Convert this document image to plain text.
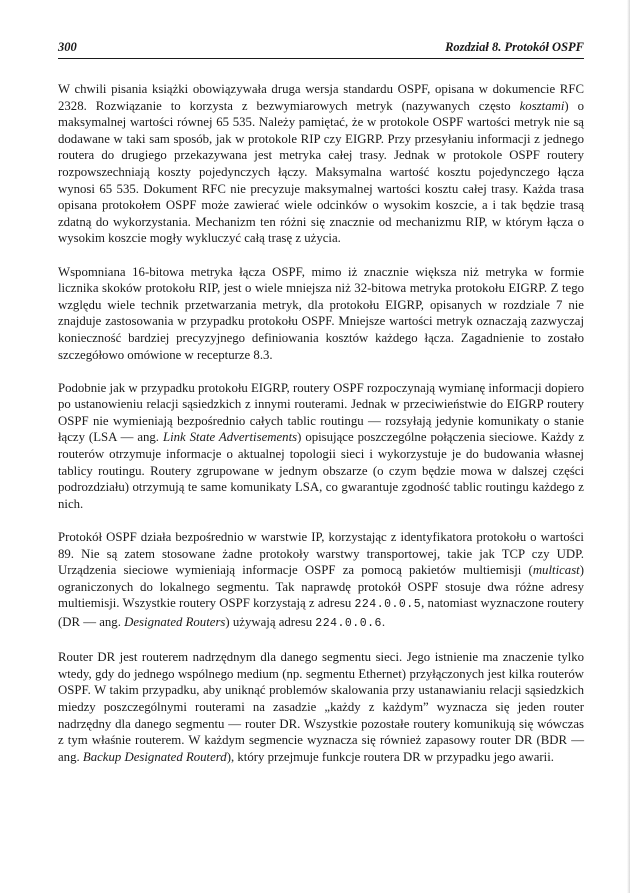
300	Rozdział 8. Protokół OSPF

W chwili pisania książki obowiązywała druga wersja standardu OSPF, opisana w dokumencie RFC 2328. Rozwiązanie to korzysta z bezwymiarowych metryk (nazywanych często kosztami) o maksymalnej wartości równej 65 535. Należy pamiętać, że w protokole OSPF wartości metryk nie są dodawane w taki sam sposób, jak w protokole RIP czy EIGRP. Przy przesyłaniu informacji z jednego routera do drugiego przekazywana jest metryka całej trasy. Jednak w protokole OSPF routery rozpowszechniają koszty pojedynczych łączy. Maksymalna wartość kosztu pojedynczego łącza wynosi 65 535. Dokument RFC nie precyzuje maksymalnej wartości kosztu całej trasy. Każda trasa opisana protokołem OSPF może zawierać wiele odcinków o wysokim koszcie, a i tak będzie trasą zdatną do wykorzystania. Mechanizm ten różni się znacznie od mechanizmu RIP, w którym łącza o wysokim koszcie mogły wykluczyć całą trasę z użycia.

Wspomniana 16-bitowa metryka łącza OSPF, mimo iż znacznie większa niż metryka w formie licznika skoków protokołu RIP, jest o wiele mniejsza niż 32-bitowa metryka protokołu EIGRP. Z tego względu wiele technik przetwarzania metryk, dla protokołu EIGRP, opisanych w rozdziale 7 nie znajduje zastosowania w przypadku protokołu OSPF. Mniejsze wartości metryk oznaczają zazwyczaj konieczność bardziej precyzyjnego definiowania kosztów każdego łącza. Zagadnienie to zostało szczegółowo omówione w recepturze 8.3.

Podobnie jak w przypadku protokołu EIGRP, routery OSPF rozpoczynają wymianę informacji dopiero po ustanowieniu relacji sąsiedzkich z innymi routerami. Jednak w przeciwieństwie do EIGRP routery OSPF nie wymieniają bezpośrednio całych tablic routingu — rozsyłają jedynie komunikaty o stanie łączy (LSA — ang. Link State Advertisements) opisujące poszczególne połączenia sieciowe. Każdy z routerów otrzymuje informacje o aktualnej topologii sieci i wykorzystuje je do budowania własnej tablicy routingu. Routery zgrupowane w jednym obszarze (o czym będzie mowa w dalszej części podrozdziału) otrzymują te same komunikaty LSA, co gwarantuje zgodność tablic routingu każdego z nich.

Protokół OSPF działa bezpośrednio w warstwie IP, korzystając z identyfikatora protokołu o wartości 89. Nie są zatem stosowane żadne protokoły warstwy transportowej, takie jak TCP czy UDP. Urządzenia sieciowe wymieniają informacje OSPF za pomocą pakietów multiemisji (multicast) ograniczonych do lokalnego segmentu. Tak naprawdę protokół OSPF stosuje dwa różne adresy multiemisji. Wszystkie routery OSPF korzystają z adresu 224.0.0.5, natomiast wyznaczone routery (DR — ang. Designated Routers) używają adresu 224.0.0.6.

Router DR jest routerem nadrzędnym dla danego segmentu sieci. Jego istnienie ma znaczenie tylko wtedy, gdy do jednego wspólnego medium (np. segmentu Ethernet) przyłączonych jest kilka routerów OSPF. W takim przypadku, aby uniknąć problemów skalowania przy ustanawianiu relacji sąsiedzkich miedzy poszczególnymi routerami na zasadzie „każdy z każdym” wyznacza się jeden router nadrzędny dla danego segmentu — router DR. Wszystkie pozostałe routery komunikują się wówczas z tym właśnie routerem. W każdym segmencie wyznacza się również zapasowy router DR (BDR — ang. Backup Designated Routerd), który przejmuje funkcje routera DR w przypadku jego awarii.
